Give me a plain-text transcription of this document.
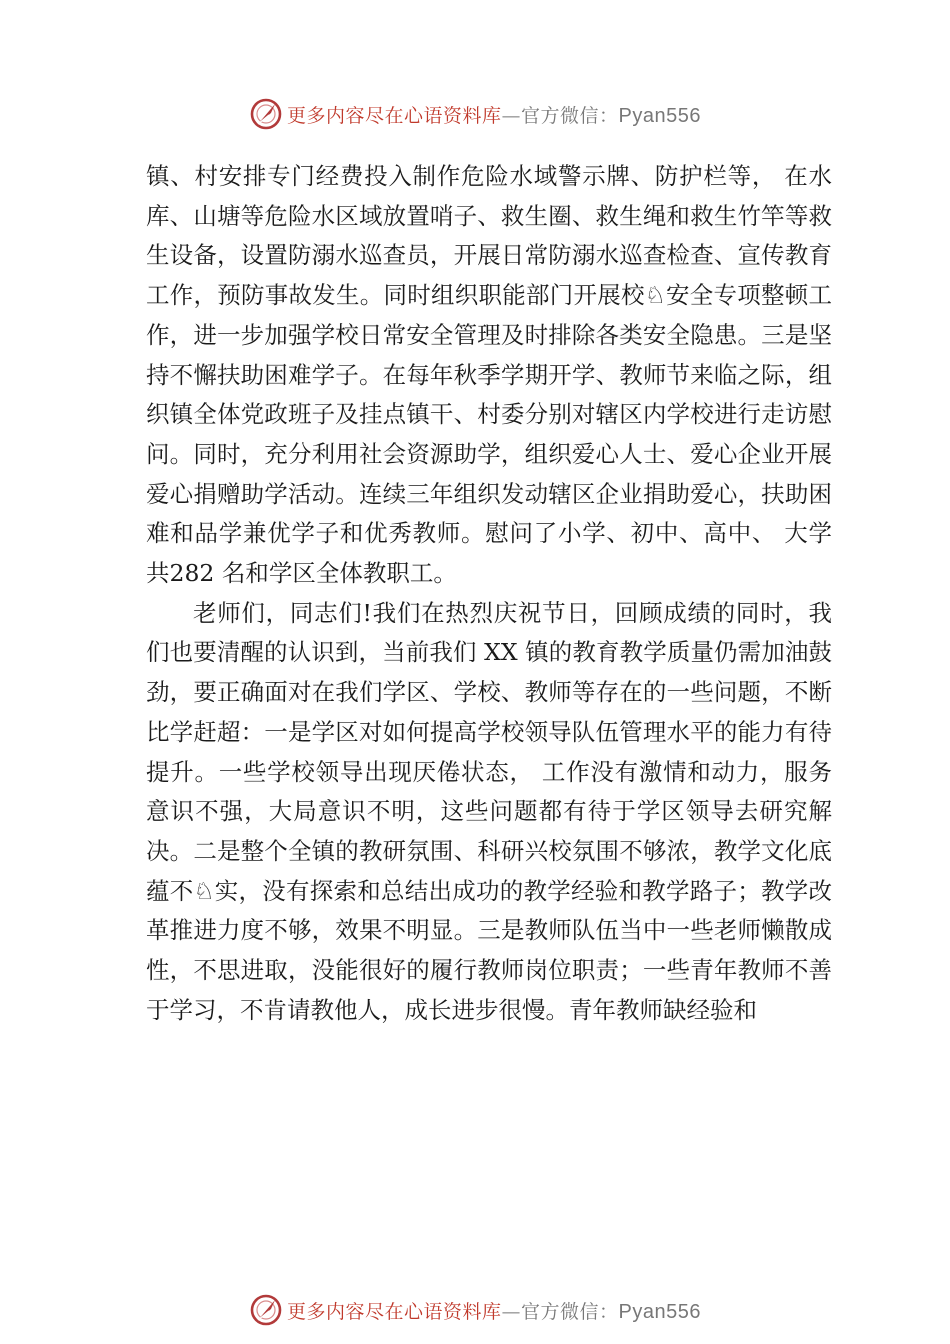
更多内容尽在心语资料库—官方微信：Pyan556

镇、村安排专门经费投入制作危险水域警示牌、防护栏等， 在水库、山塘等危险水区域放置哨子、救生圈、救生绳和救生竹竿等救生设备，设置防溺水巡查员，开展日常防溺水巡查检查、宣传教育工作，预防事故发生。同时组织职能部门开展校♘安全专项整顿工作，进一步加强学校日常安全管理及时排除各类安全隐患。三是坚持不懈扶助困难学子。在每年秋季学期开学、教师节来临之际，组织镇全体党政班子及挂点镇干、村委分别对辖区内学校进行走访慰问。同时，充分利用社会资源助学，组织爱心人士、爱心企业开展爱心捐赠助学活动。连续三年组织发动辖区企业捐助爱心，扶助困难和品学兼优学子和优秀教师。慰问了小学、初中、高中、 大学共282 名和学区全体教职工。

老师们，同志们!我们在热烈庆祝节日，回顾成绩的同时，我们也要清醒的认识到，当前我们 XX 镇的教育教学质量仍需加油鼓劲，要正确面对在我们学区、学校、教师等存在的一些问题，不断比学赶超：一是学区对如何提高学校领导队伍管理水平的能力有待提升。一些学校领导出现厌倦状态， 工作没有激情和动力，服务意识不强，大局意识不明，这些问题都有待于学区领导去研究解决。二是整个全镇的教研氛围、科研兴校氛围不够浓，教学文化底蕴不♘实，没有探索和总结出成功的教学经验和教学路子；教学改革推进力度不够，效果不明显。三是教师队伍当中一些老师懒散成性，不思进取，没能很好的履行教师岗位职责；一些青年教师不善于学习，不肯请教他人，成长进步很慢。青年教师缺经验和

更多内容尽在心语资料库—官方微信：Pyan556
